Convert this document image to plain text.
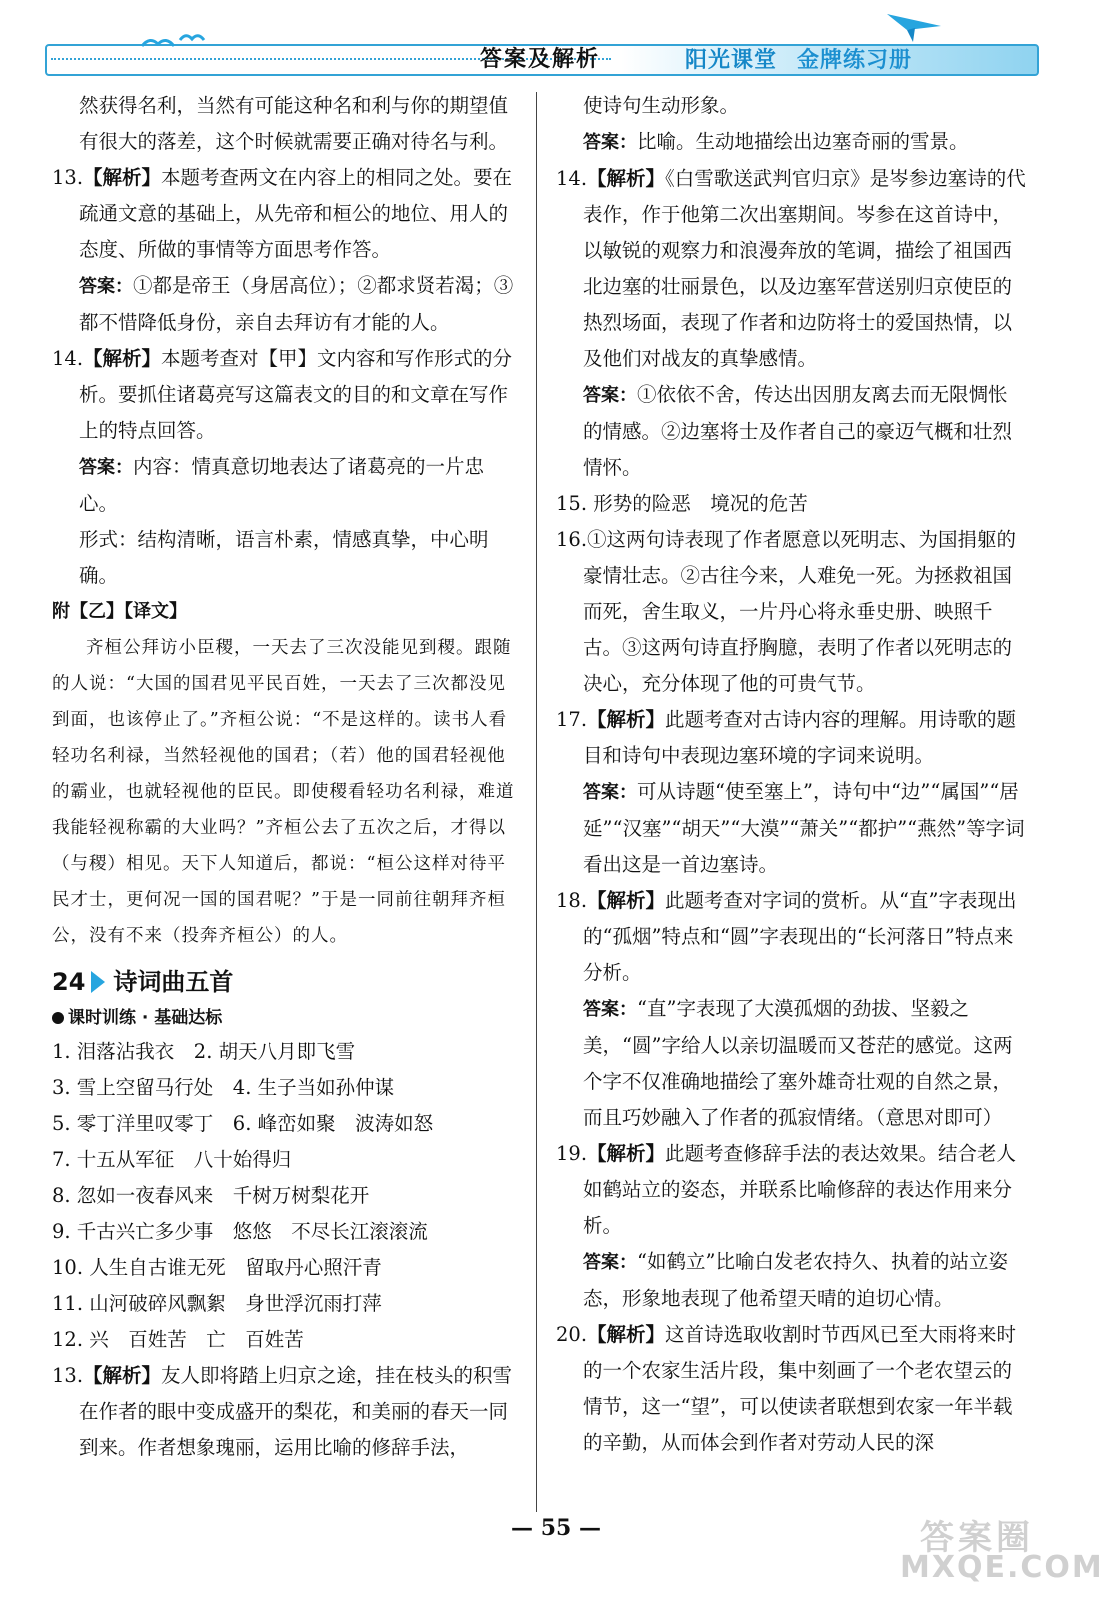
答案及解析	阳光课堂 金牌练习册

然获得名利，当然有可能这种名和利与你的期望值有很大的落差，这个时候就需要正确对待名与利。

13.【解析】本题考查两文在内容上的相同之处。要在疏通文意的基础上，从先帝和桓公的地位、用人的态度、所做的事情等方面思考作答。

答案：①都是帝王（身居高位）；②都求贤若渴；③都不惜降低身份，亲自去拜访有才能的人。

14.【解析】本题考查对【甲】文内容和写作形式的分析。要抓住诸葛亮写这篇表文的目的和文章在写作上的特点回答。

答案：内容：情真意切地表达了诸葛亮的一片忠心。

形式：结构清晰，语言朴素，情感真挚，中心明确。

附【乙】【译文】

齐桓公拜访小臣稷，一天去了三次没能见到稷。跟随的人说：“大国的国君见平民百姓，一天去了三次都没见到面，也该停止了。”齐桓公说：“不是这样的。读书人看轻功名利禄，当然轻视他的国君；（若）他的国君轻视他的霸业，也就轻视他的臣民。即使稷看轻功名利禄，难道我能轻视称霸的大业吗？”齐桓公去了五次之后，才得以（与稷）相见。天下人知道后，都说：“桓公这样对待平民才士，更何况一国的国君呢？”于是一同前往朝拜齐桓公，没有不来（投奔齐桓公）的人。

24 诗词曲五首
课时训练 · 基础达标

1. 泪落沾我衣　2. 胡天八月即飞雪

3. 雪上空留马行处　4. 生子当如孙仲谋

5. 零丁洋里叹零丁　6. 峰峦如聚　波涛如怒

7. 十五从军征　八十始得归

8. 忽如一夜春风来　千树万树梨花开

9. 千古兴亡多少事　悠悠　不尽长江滚滚流

10. 人生自古谁无死　留取丹心照汗青

11. 山河破碎风飘絮　身世浮沉雨打萍

12. 兴　百姓苦　亡　百姓苦

13.【解析】友人即将踏上归京之途，挂在枝头的积雪在作者的眼中变成盛开的梨花，和美丽的春天一同到来。作者想象瑰丽，运用比喻的修辞手法，

使诗句生动形象。

答案：比喻。生动地描绘出边塞奇丽的雪景。

14.【解析】《白雪歌送武判官归京》是岑参边塞诗的代表作，作于他第二次出塞期间。岑参在这首诗中，以敏锐的观察力和浪漫奔放的笔调，描绘了祖国西北边塞的壮丽景色，以及边塞军营送别归京使臣的热烈场面，表现了作者和边防将士的爱国热情，以及他们对战友的真挚感情。

答案：①依依不舍，传达出因朋友离去而无限惆怅的情感。②边塞将士及作者自己的豪迈气概和壮烈情怀。

15. 形势的险恶　境况的危苦

16.①这两句诗表现了作者愿意以死明志、为国捐躯的豪情壮志。②古往今来，人难免一死。为拯救祖国而死，舍生取义，一片丹心将永垂史册、映照千古。③这两句诗直抒胸臆，表明了作者以死明志的决心，充分体现了他的可贵气节。

17.【解析】此题考查对古诗内容的理解。用诗歌的题目和诗句中表现边塞环境的字词来说明。

答案：可从诗题“使至塞上”，诗句中“边”“属国”“居延”“汉塞”“胡天”“大漠”“萧关”“都护”“燕然”等字词看出这是一首边塞诗。

18.【解析】此题考查对字词的赏析。从“直”字表现出的“孤烟”特点和“圆”字表现出的“长河落日”特点来分析。

答案：“直”字表现了大漠孤烟的劲拔、坚毅之美，“圆”字给人以亲切温暖而又苍茫的感觉。这两个字不仅准确地描绘了塞外雄奇壮观的自然之景，而且巧妙融入了作者的孤寂情绪。（意思对即可）

19.【解析】此题考查修辞手法的表达效果。结合老人如鹤站立的姿态，并联系比喻修辞的表达作用来分析。

答案：“如鹤立”比喻白发老农持久、执着的站立姿态，形象地表现了他希望天晴的迫切心情。

20.【解析】这首诗选取收割时节西风已至大雨将来时的一个农家生活片段，集中刻画了一个老农望云的情节，这一“望”，可以使读者联想到农家一年半载的辛勤，从而体会到作者对劳动人民的深

— 55 —	答案圈
MXQE.COM
